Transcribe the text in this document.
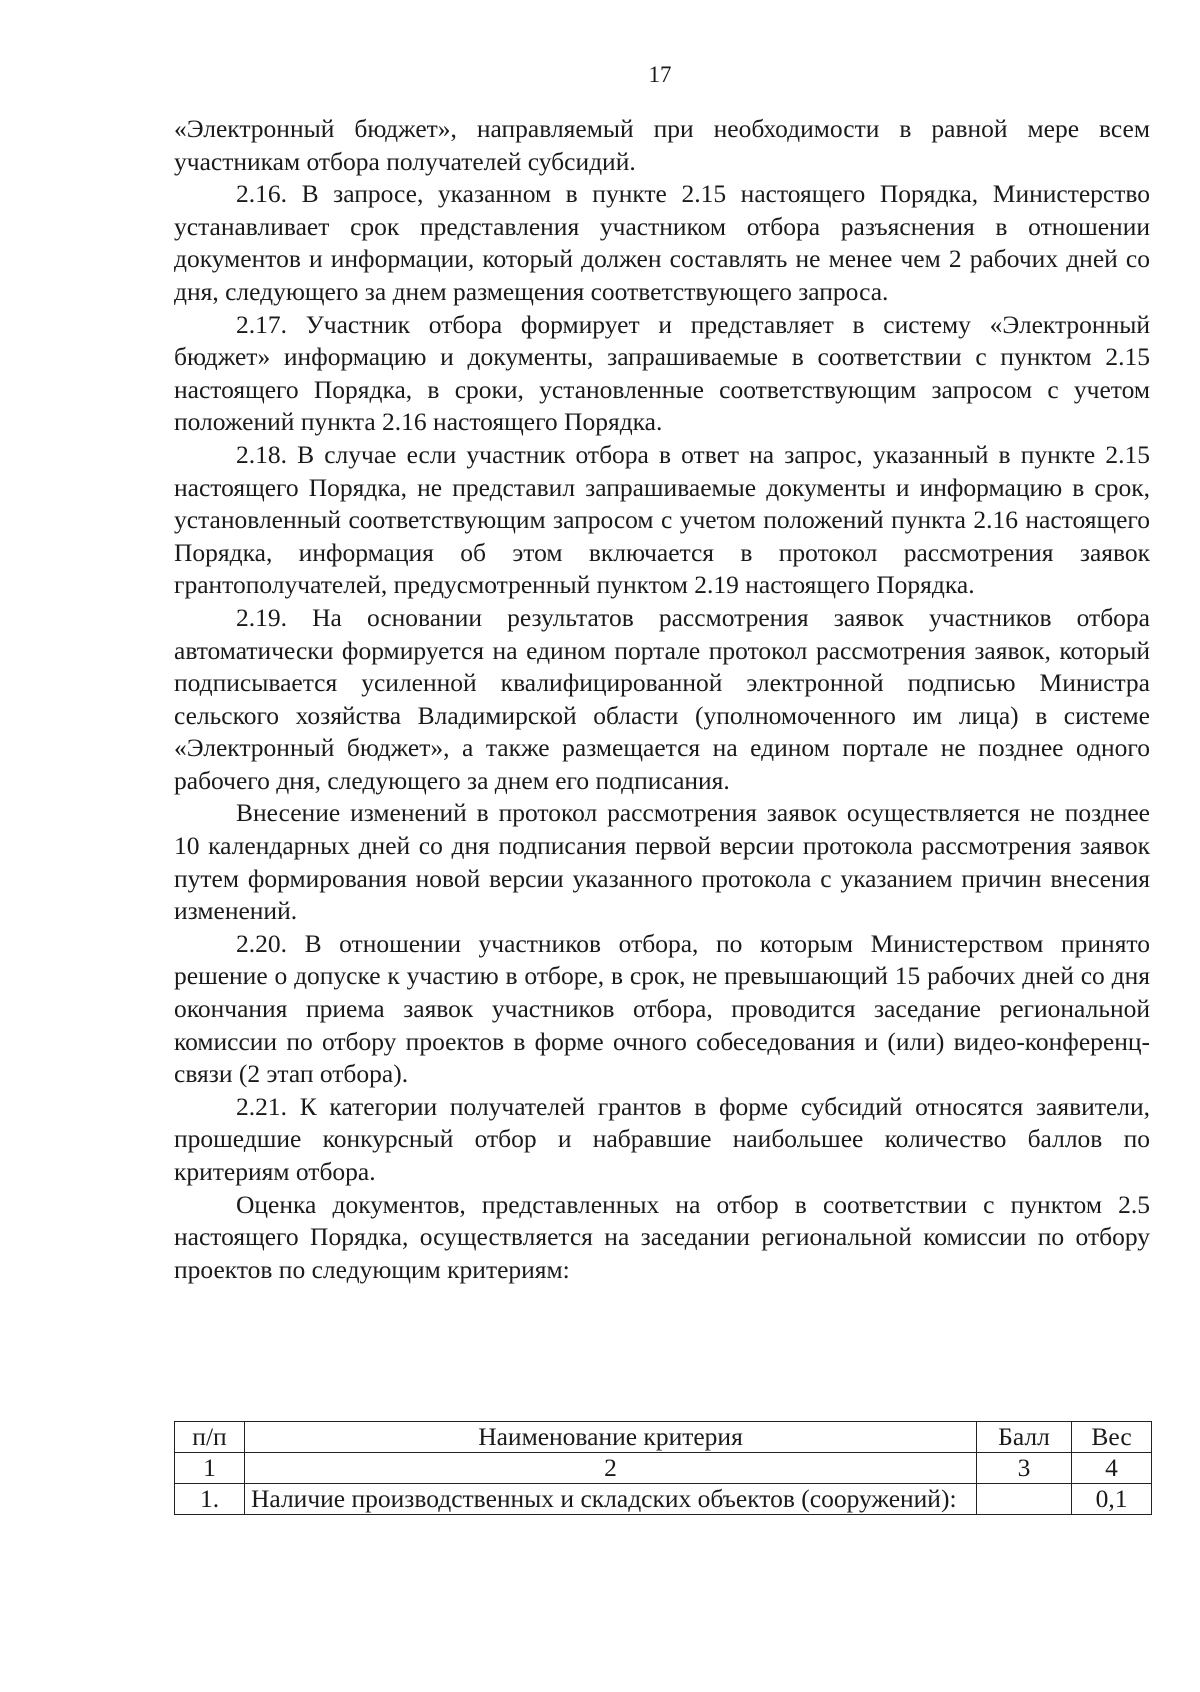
17

«Электронный бюджет», направляемый при необходимости в равной мере всем участникам отбора получателей субсидий.

2.16. В запросе, указанном в пункте 2.15 настоящего Порядка, Министерство устанавливает срок представления участником отбора разъяснения в отношении документов и информации, который должен составлять не менее чем 2 рабочих дней со дня, следующего за днем размещения соответствующего запроса.

2.17. Участник отбора формирует и представляет в систему «Электронный бюджет» информацию и документы, запрашиваемые в соответствии с пунктом 2.15 настоящего Порядка, в сроки, установленные соответствующим запросом с учетом положений пункта 2.16 настоящего Порядка.

2.18. В случае если участник отбора в ответ на запрос, указанный в пункте 2.15 настоящего Порядка, не представил запрашиваемые документы и информацию в срок, установленный соответствующим запросом с учетом положений пункта 2.16 настоящего Порядка, информация об этом включается в протокол рассмотрения заявок грантополучателей, предусмотренный пунктом 2.19 настоящего Порядка.

2.19. На основании результатов рассмотрения заявок участников отбора автоматически формируется на едином портале протокол рассмотрения заявок, который подписывается усиленной квалифицированной электронной подписью Министра сельского хозяйства Владимирской области (уполномоченного им лица) в системе «Электронный бюджет», а также размещается на едином портале не позднее одного рабочего дня, следующего за днем его подписания.

Внесение изменений в протокол рассмотрения заявок осуществляется не позднее 10 календарных дней со дня подписания первой версии протокола рассмотрения заявок путем формирования новой версии указанного протокола с указанием причин внесения изменений.

2.20. В отношении участников отбора, по которым Министерством принято решение о допуске к участию в отборе, в срок, не превышающий 15 рабочих дней со дня окончания приема заявок участников отбора, проводится заседание региональной комиссии по отбору проектов в форме очного собеседования и (или) видео-конференц-связи (2 этап отбора).

2.21. К категории получателей грантов в форме субсидий относятся заявители, прошедшие конкурсный отбор и набравшие наибольшее количество баллов по критериям отбора.

Оценка документов, представленных на отбор в соответствии с пунктом 2.5 настоящего Порядка, осуществляется на заседании региональной комиссии по отбору проектов по следующим критериям:

п/п	Наименование критерия	Балл	Вес
1	2	3	4
1.	Наличие производственных и складских объектов (сооружений):		0,1
